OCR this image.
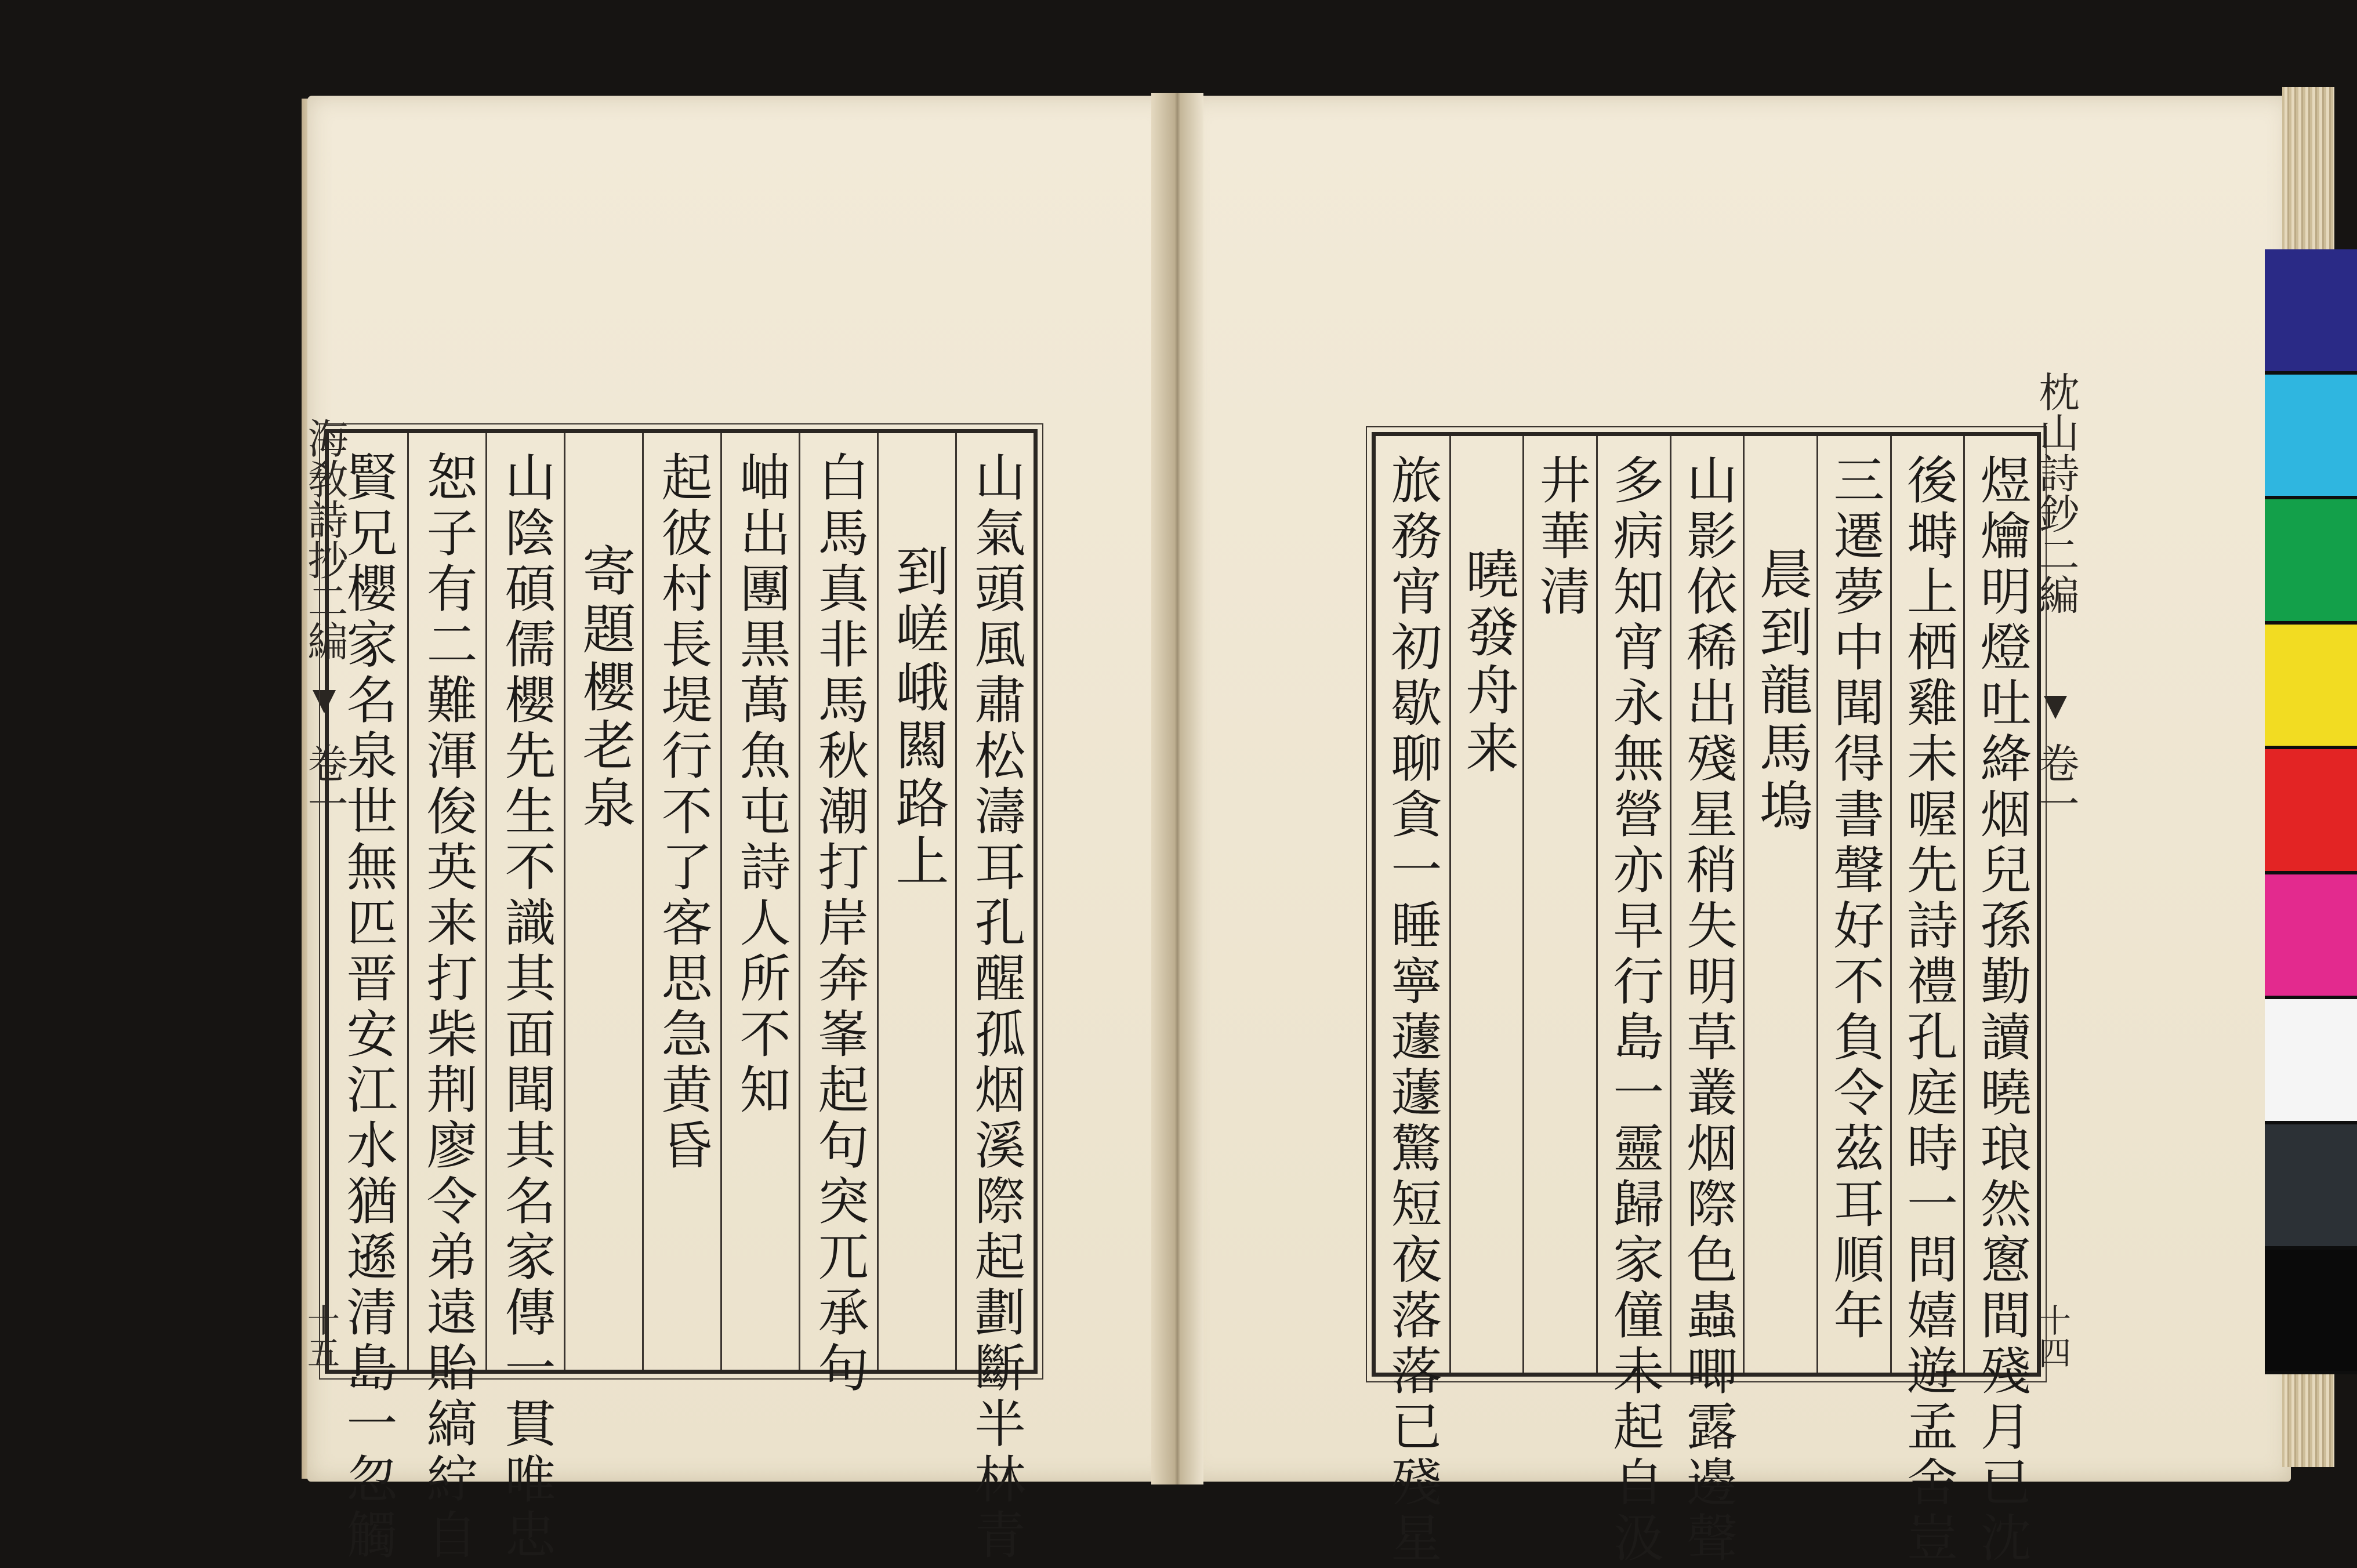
海敎詩抄二編
卷一
十五	山氣頭風肅松濤耳孔醒孤烟溪際起劃斷半林青
到嵯峨闗路上
白馬真非馬秋潮打岸奔峯起句突兀承句
岫出團黒萬魚屯詩人所不知
起彼村長堤行不了客思急黄昏
寄題櫻老泉
山陰碩儒櫻先生不識其面聞其名家傳一貫唯忠
恕子有二難渾俊英来打柴荆廖令弟遠貽縞紵自
賢兄櫻家名泉世無匹晋安江水猶遜清島一忽觸	煜爚明燈吐絳烟兒孫勤讀曉琅然窻間殘月已沈
後塒上栖雞未喔先詩禮孔庭時一問嬉遊孟舍豈
三遷夢中聞得書聲好不負令茲耳順年
晨到龍馬塢
山影依稀出殘星稍失明草叢烟際色蟲唧露邊聲
多病知宵永無營亦早行島一靈歸家僮未起自汲
井華清
曉發舟来
旅務宵初歇聊貪一睡寧蘧蘧驚短夜落落已殘星	枕山詩鈔二編
卷一
十四
